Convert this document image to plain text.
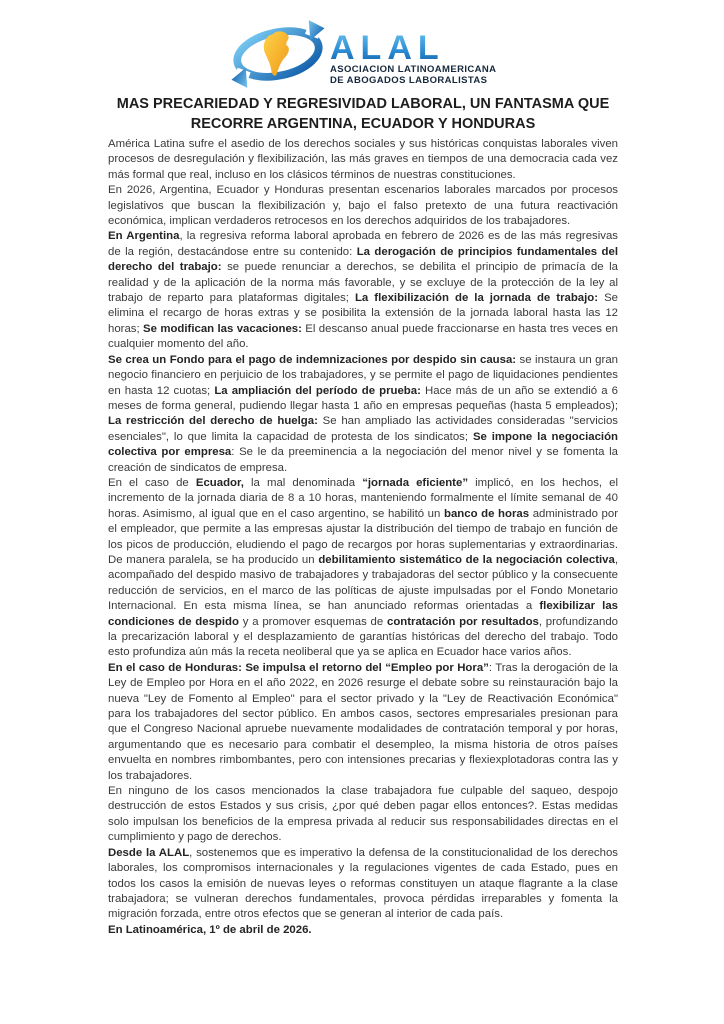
ALAL
ASOCIACION LATINOAMERICANA
DE ABOGADOS LABORALISTAS
MAS PRECARIEDAD Y REGRESIVIDAD LABORAL, UN FANTASMA QUE
RECORRE ARGENTINA, ECUADOR Y HONDURAS

América Latina sufre el asedio de los derechos sociales y sus históricas conquistas laborales viven procesos de desregulación y flexibilización, las más graves en tiempos de una democracia cada vez más formal que real, incluso en los clásicos términos de nuestras constituciones.

En 2026, Argentina, Ecuador y Honduras presentan escenarios laborales marcados por procesos legislativos que buscan la flexibilización y, bajo el falso pretexto de una futura reactivación económica, implican verdaderos retrocesos en los derechos adquiridos de los trabajadores.

En Argentina, la regresiva reforma laboral aprobada en febrero de 2026 es de las más regresivas de la región, destacándose entre su contenido: La derogación de principios fundamentales del derecho del trabajo: se puede renunciar a derechos, se debilita el principio de primacía de la realidad y de la aplicación de la norma más favorable, y se excluye de la protección de la ley al trabajo de reparto para plataformas digitales; La flexibilización de la jornada de trabajo: Se elimina el recargo de horas extras y se posibilita la extensión de la jornada laboral hasta las 12 horas; Se modifican las vacaciones: El descanso anual puede fraccionarse en hasta tres veces en cualquier momento del año.

Se crea un Fondo para el pago de indemnizaciones por despido sin causa: se instaura un gran negocio financiero en perjuicio de los trabajadores, y se permite el pago de liquidaciones pendientes en hasta 12 cuotas; La ampliación del período de prueba: Hace más de un año se extendió a 6 meses de forma general, pudiendo llegar hasta 1 año en empresas pequeñas (hasta 5 empleados); La restricción del derecho de huelga: Se han ampliado las actividades consideradas "servicios esenciales", lo que limita la capacidad de protesta de los sindicatos; Se impone la negociación colectiva por empresa: Se le da preeminencia a la negociación del menor nivel y se fomenta la creación de sindicatos de empresa.

En el caso de Ecuador, la mal denominada “jornada eficiente” implicó, en los hechos, el incremento de la jornada diaria de 8 a 10 horas, manteniendo formalmente el límite semanal de 40 horas. Asimismo, al igual que en el caso argentino, se habilitó un banco de horas administrado por el empleador, que permite a las empresas ajustar la distribución del tiempo de trabajo en función de los picos de producción, eludiendo el pago de recargos por horas suplementarias y extraordinarias. De manera paralela, se ha producido un debilitamiento sistemático de la negociación colectiva, acompañado del despido masivo de trabajadores y trabajadoras del sector público y la consecuente reducción de servicios, en el marco de las políticas de ajuste impulsadas por el Fondo Monetario Internacional. En esta misma línea, se han anunciado reformas orientadas a flexibilizar las condiciones de despido y a promover esquemas de contratación por resultados, profundizando la precarización laboral y el desplazamiento de garantías históricas del derecho del trabajo. Todo esto profundiza aún más la receta neoliberal que ya se aplica en Ecuador hace varios años.

En el caso de Honduras: Se impulsa el retorno del “Empleo por Hora”: Tras la derogación de la Ley de Empleo por Hora en el año 2022, en 2026 resurge el debate sobre su reinstauración bajo la nueva "Ley de Fomento al Empleo" para el sector privado y la "Ley de Reactivación Económica" para los trabajadores del sector público. En ambos casos, sectores empresariales presionan para que el Congreso Nacional apruebe nuevamente modalidades de contratación temporal y por horas, argumentando que es necesario para combatir el desempleo, la misma historia de otros países envuelta en nombres rimbombantes, pero con intensiones precarias y flexiexplotadoras contra las y los trabajadores.

En ninguno de los casos mencionados la clase trabajadora fue culpable del saqueo, despojo destrucción de estos Estados y sus crisis, ¿por qué deben pagar ellos entonces?. Estas medidas solo impulsan los beneficios de la empresa privada al reducir sus responsabilidades directas en el cumplimiento y pago de derechos.

Desde la ALAL, sostenemos que es imperativo la defensa de la constitucionalidad de los derechos laborales, los compromisos internacionales y la regulaciones vigentes de cada Estado, pues en todos los casos la emisión de nuevas leyes o reformas constituyen un ataque flagrante a la clase trabajadora; se vulneran derechos fundamentales, provoca pérdidas irreparables y fomenta la migración forzada, entre otros efectos que se generan al interior de cada país.

En Latinoamérica, 1º de abril de 2026.
